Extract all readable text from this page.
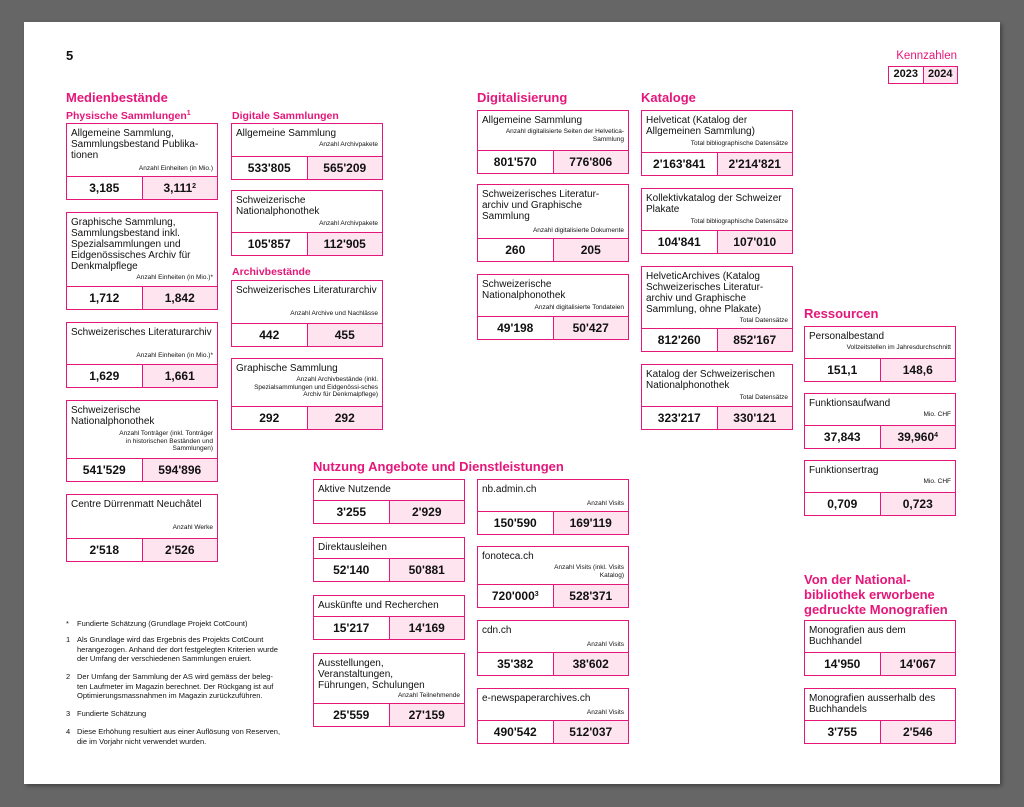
5	Kennzahlen
2023 2024
Medienbestände
Physische Sammlungen$^1$	Digitale Sammlungen
Archivbestände
Digitalisierung	Kataloge
Ressourcen
Nutzung Angebote und Dienstleistungen
Von der National-bibliothek erworbene gedruckte Monografien
Allgemeine Sammlung, Sammlungsbestand Publika-tionen
Anzahl Einheiten (in Mio.)
3,185	3,111$^2$
Graphische Sammlung, Sammlungsbestand inkl. Spezialsammlungen und Eidgenössisches Archiv für Denkmalpflege
Anzahl Einheiten (in Mio.)*
1,712	1,842
Schweizerisches Literaturarchiv
Anzahl Einheiten (in Mio.)*
1,629	1,661
Schweizerische Nationalphonothek
Anzahl Tonträger (inkl. Tonträger in historischen Beständen und Sammlungen)
541'529	594'896
Centre Dürrenmatt Neuchâtel
Anzahl Werke
2'518	2'526
Allgemeine Sammlung
Anzahl Archivpakete
533'805	565'209
Schweizerische Nationalphonothek
Anzahl Archivpakete
105'857	112'905
Schweizerisches Literaturarchiv
Anzahl Archive und Nachlässe
442	455
Graphische Sammlung
Anzahl Archivbestände (inkl. Spezialsammlungen und Eidgenössi-sches Archiv für Denkmalpflege)
292	292
Allgemeine Sammlung
Anzahl digitalisierte Seiten der Helvetica-Sammlung
801'570	776'806
Schweizerisches Literatur-archiv und Graphische Sammlung
Anzahl digitalisierte Dokumente
260	205
Schweizerische Nationalphonothek
Anzahl digitalisierte Tondateien
49'198	50'427
Helveticat (Katalog der Allgemeinen Sammlung)
Total bibliographische Datensätze
2'163'841	2'214'821
Kollektivkatalog der Schweizer Plakate
Total bibliographische Datensätze
104'841	107'010
HelveticArchives (Katalog Schweizerisches Literatur-archiv und Graphische Sammlung, ohne Plakate)
Total Datensätze
812'260	852'167
Katalog der Schweizerischen Nationalphonothek
Total Datensätze
323'217	330'121
Personalbestand
Vollzeitstellen im Jahresdurchschnitt
151,1	148,6
Funktionsaufwand
Mio. CHF
37,843	39,960$^4$
Funktionsertrag
Mio. CHF
0,709	0,723
Aktive Nutzende
3'255	2'929
Direktausleihen
52'140	50'881
Auskünfte und Recherchen
15'217	14'169
Ausstellungen, Veranstaltungen, Führungen, Schulungen
Anzahl Teilnehmende
25'559	27'159
nb.admin.ch
Anzahl Visits
150'590	169'119
fonoteca.ch
Anzahl Visits (inkl. Visits Katalog)
$720'000^3$	528'371
cdn.ch
Anzahl Visits
35'382	38'602
e-newspaperarchives.ch
Anzahl Visits
490'542	512'037
Monografien aus dem Buchhandel
14'950	14'067
Monografien ausserhalb des Buchhandels
3'755	2'546
* Fundierte Schätzung (Grundlage Projekt CotCount)
1 Als Grundlage wird das Ergebnis des Projekts CotCount herangezogen. Anhand der dort festgelegten Kriterien wurde der Umfang der verschiedenen Sammlungen eruiert.
2 Der Umfang der Sammlung der AS wird gemäss der beleg-ten Laufmeter im Magazin berechnet. Der Rückgang ist auf Optimierungsmassnahmen im Magazin zurückzuführen.
3 Fundierte Schätzung
4 Diese Erhöhung resultiert aus einer Auflösung von Reserven, die im Vorjahr nicht verwendet wurden.
